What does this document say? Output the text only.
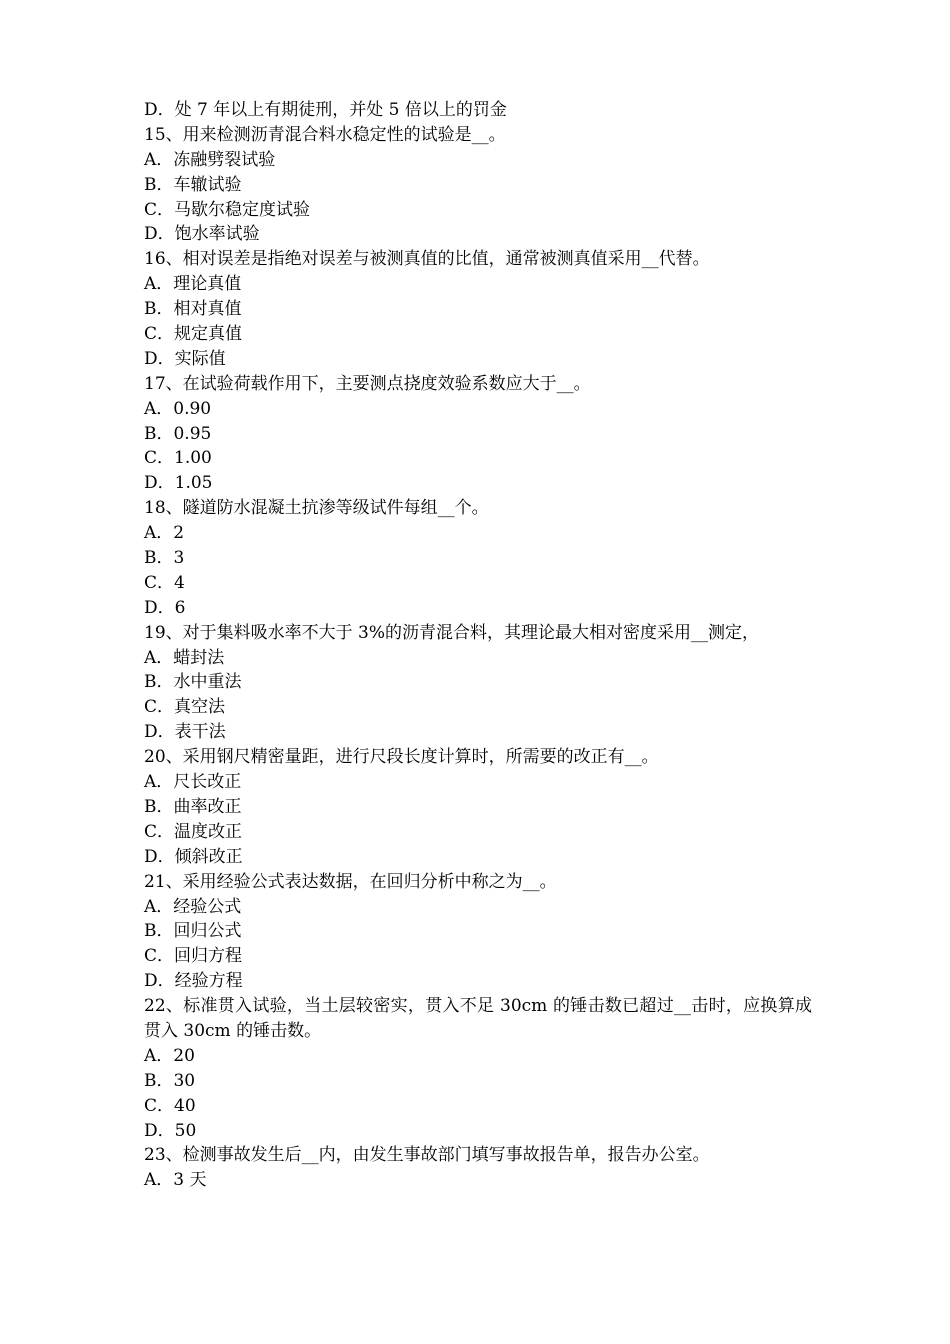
D．处 7 年以上有期徒刑，并处 5 倍以上的罚金
15、用来检测沥青混合料水稳定性的试验是__。
A．冻融劈裂试验
B．车辙试验
C．马歇尔稳定度试验
D．饱水率试验
16、相对误差是指绝对误差与被测真值的比值，通常被测真值采用__代替。
A．理论真值
B．相对真值
C．规定真值
D．实际值
17、在试验荷载作用下，主要测点挠度效验系数应大于__。
A．0.90
B．0.95
C．1.00
D．1.05
18、隧道防水混凝土抗渗等级试件每组__个。
A．2
B．3
C．4
D．6
19、对于集料吸水率不大于 3%的沥青混合料，其理论最大相对密度采用__测定，
A．蜡封法
B．水中重法
C．真空法
D．表干法
20、采用钢尺精密量距，进行尺段长度计算时，所需要的改正有__。
A．尺长改正
B．曲率改正
C．温度改正
D．倾斜改正
21、采用经验公式表达数据，在回归分析中称之为__。
A．经验公式
B．回归公式
C．回归方程
D．经验方程
22、标准贯入试验，当土层较密实，贯入不足 30cm 的锤击数已超过__击时，应换算成贯入 30cm 的锤击数。
A．20
B．30
C．40
D．50
23、检测事故发生后__内，由发生事故部门填写事故报告单，报告办公室。
A．3 天
